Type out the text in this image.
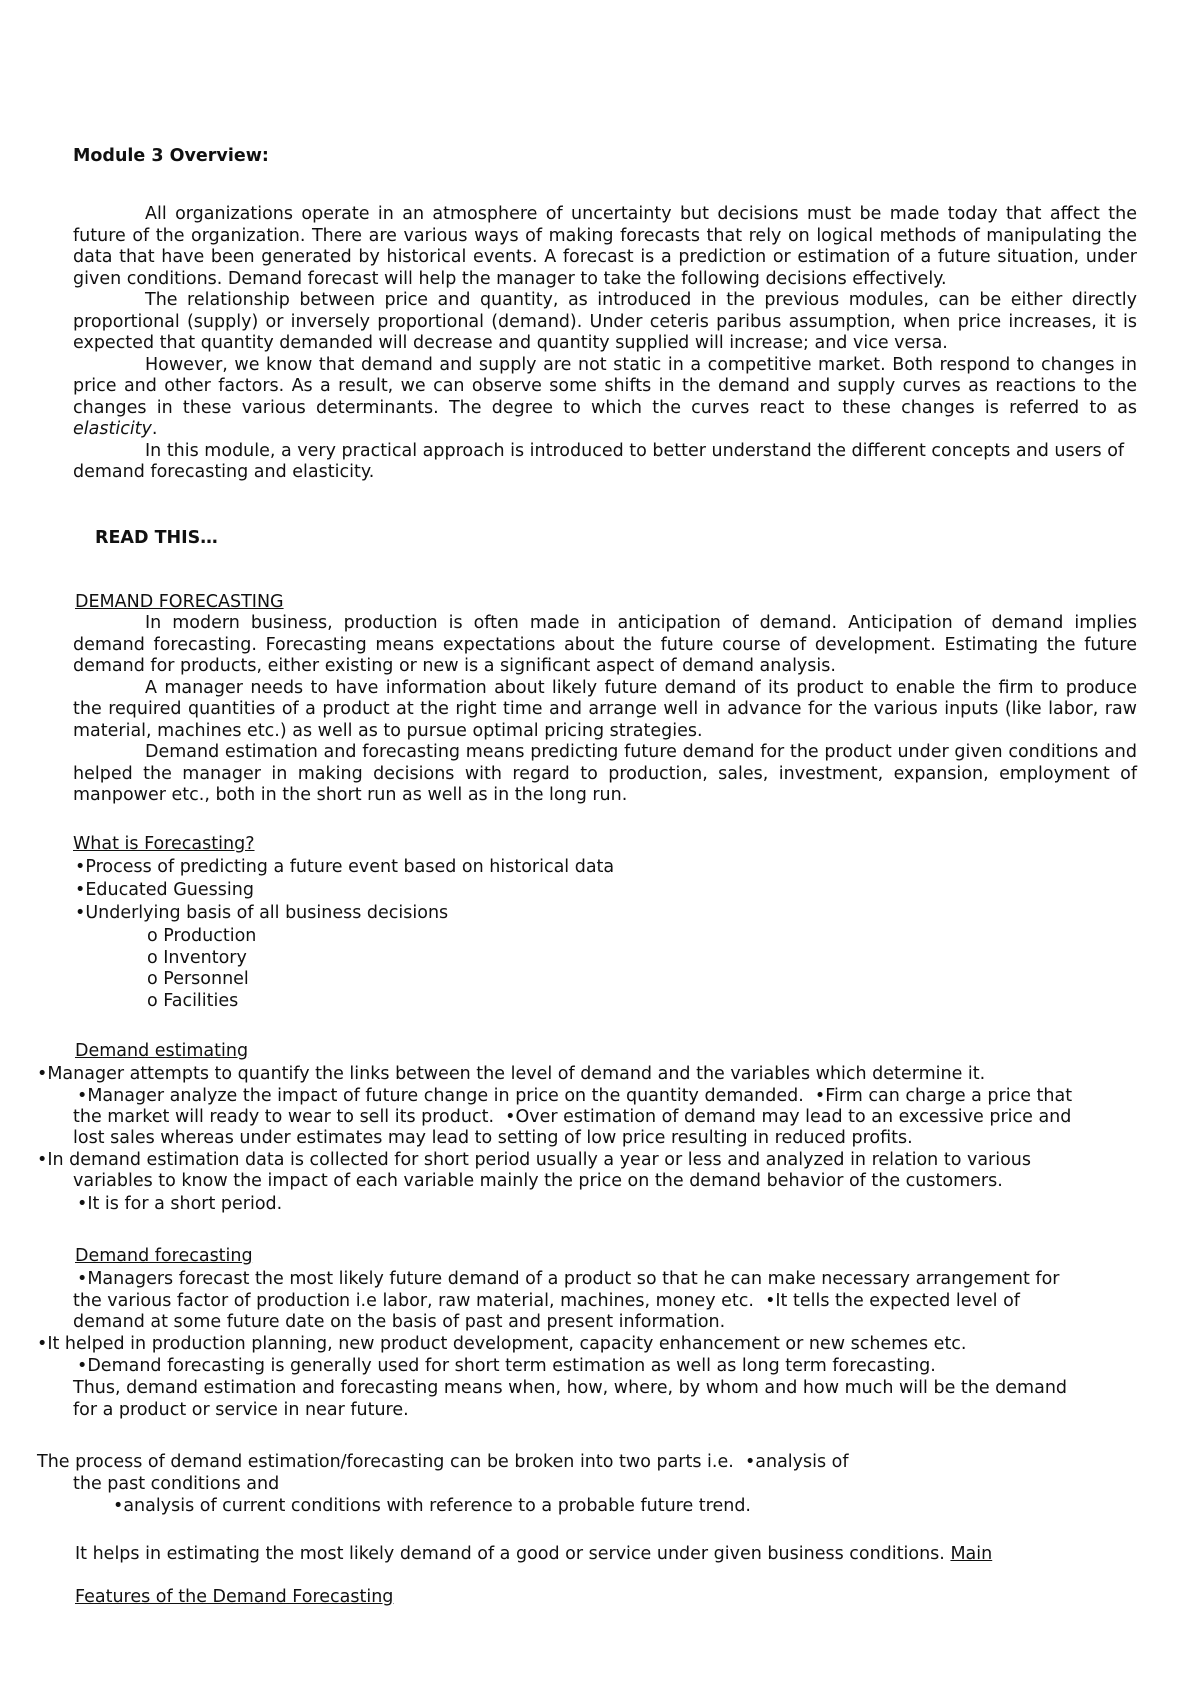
Module 3 Overview:

All organizations operate in an atmosphere of uncertainty but decisions must be made today that affect the future of the organization. There are various ways of making forecasts that rely on logical methods of manipulating the data that have been generated by historical events. A forecast is a prediction or estimation of a future situation, under given conditions. Demand forecast will help the manager to take the following decisions effectively.

The relationship between price and quantity, as introduced in the previous modules, can be either directly proportional (supply) or inversely proportional (demand). Under ceteris paribus assumption, when price increases, it is expected that quantity demanded will decrease and quantity supplied will increase; and vice versa.

However, we know that demand and supply are not static in a competitive market. Both respond to changes in price and other factors. As a result, we can observe some shifts in the demand and supply curves as reactions to the changes in these various determinants. The degree to which the curves react to these changes is referred to as elasticity.

In this module, a very practical approach is introduced to better understand the different concepts and users of demand forecasting and elasticity.

READ THIS…
DEMAND FORECASTING

In modern business, production is often made in anticipation of demand. Anticipation of demand implies demand forecasting. Forecasting means expectations about the future course of development. Estimating the future demand for products, either existing or new is a significant aspect of demand analysis.

A manager needs to have information about likely future demand of its product to enable the firm to produce the required quantities of a product at the right time and arrange well in advance for the various inputs (like labor, raw material, machines etc.) as well as to pursue optimal pricing strategies.

Demand estimation and forecasting means predicting future demand for the product under given conditions and helped the manager in making decisions with regard to production, sales, investment, expansion, employment of manpower etc., both in the short run as well as in the long run.

What is Forecasting?
• Process of predicting a future event based on historical data
• Educated Guessing
• Underlying basis of all business decisions
o Production
o Inventory
o Personnel
o Facilities
Demand estimating
• Manager attempts to quantify the links between the level of demand and the variables which determine it.
• Manager analyze the impact of future change in price on the quantity demanded. • Firm can charge a price that
the market will ready to wear to sell its product. • Over estimation of demand may lead to an excessive price and
lost sales whereas under estimates may lead to setting of low price resulting in reduced profits.
• In demand estimation data is collected for short period usually a year or less and analyzed in relation to various
variables to know the impact of each variable mainly the price on the demand behavior of the customers.
• It is for a short period.
Demand forecasting
• Managers forecast the most likely future demand of a product so that he can make necessary arrangement for
the various factor of production i.e labor, raw material, machines, money etc. • It tells the expected level of
demand at some future date on the basis of past and present information.
• It helped in production planning, new product development, capacity enhancement or new schemes etc.
• Demand forecasting is generally used for short term estimation as well as long term forecasting.
Thus, demand estimation and forecasting means when, how, where, by whom and how much will be the demand
for a product or service in near future.
The process of demand estimation/forecasting can be broken into two parts i.e. • analysis of
the past conditions and
• analysis of current conditions with reference to a probable future trend.
It helps in estimating the most likely demand of a good or service under given business conditions. Main
Features of the Demand Forecasting
